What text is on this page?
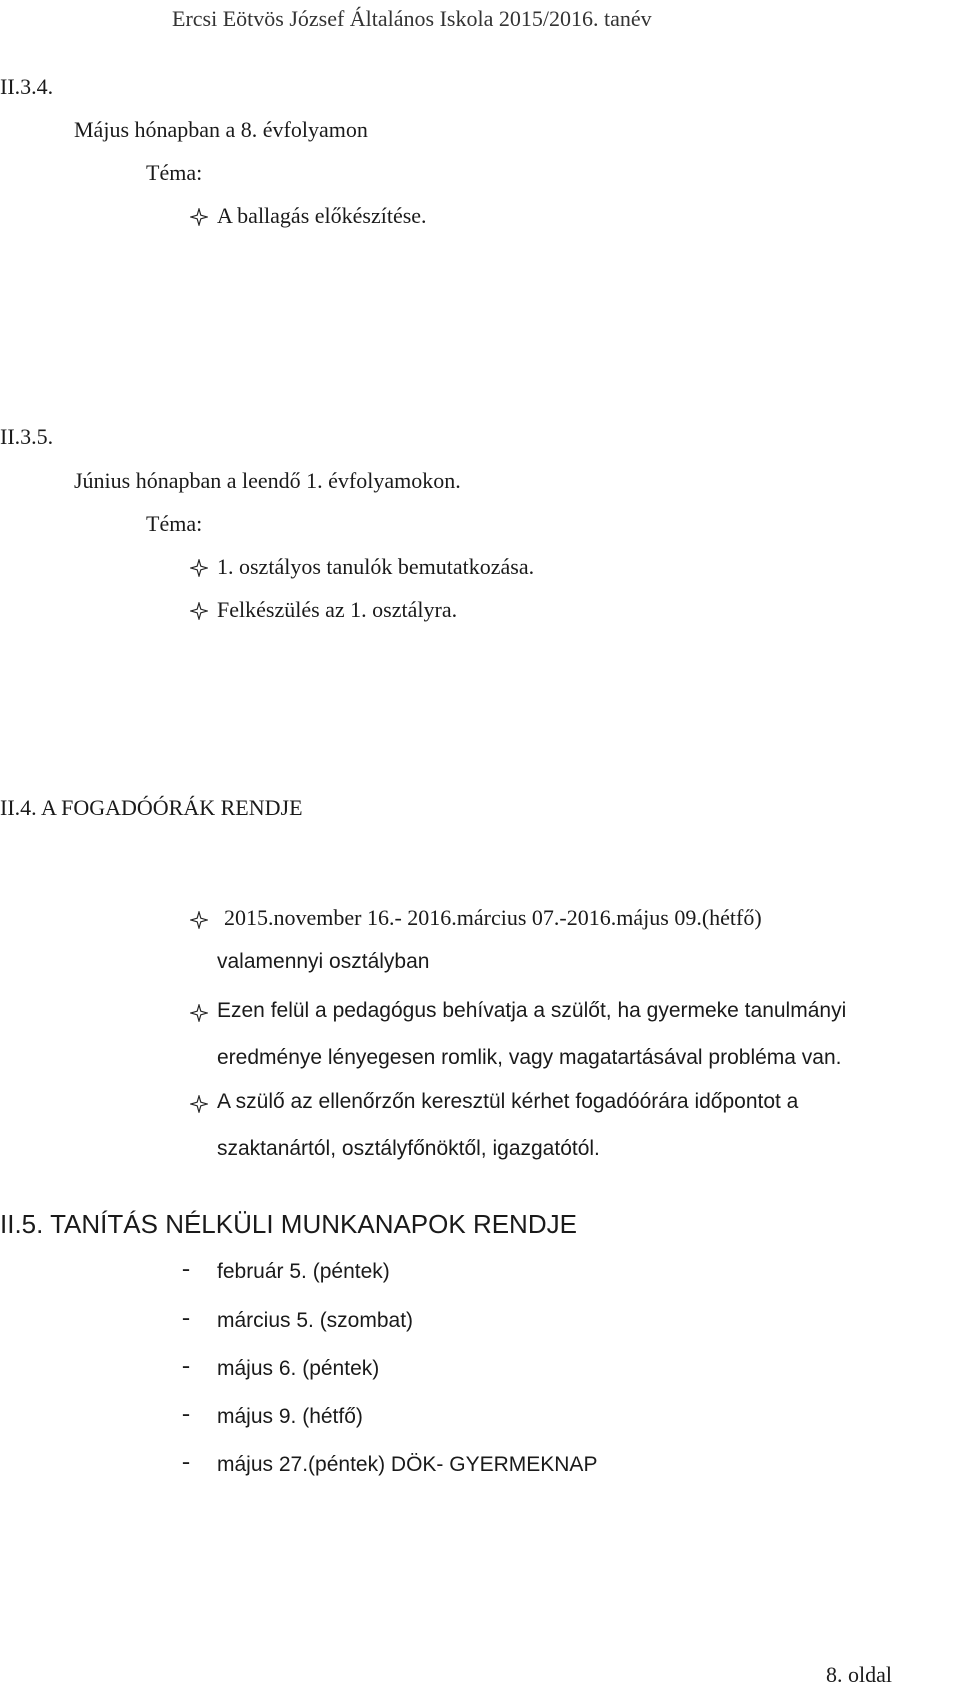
Ercsi Eötvös József Általános Iskola 2015/2016. tanév
II.3.4.
Május hónapban a 8. évfolyamon
Téma:
A ballagás előkészítése.
II.3.5.
Június hónapban a leendő 1. évfolyamokon.
Téma:
1. osztályos tanulók bemutatkozása.
Felkészülés az 1. osztályra.
II.4. A FOGADÓÓRÁK RENDJE
2015.november 16.- 2016.március 07.-2016.május 09.(hétfő)
valamennyi osztályban
Ezen felül a pedagógus behívatja a szülőt, ha gyermeke tanulmányi
eredménye lényegesen romlik, vagy magatartásával probléma van.
A szülő az ellenőrzőn keresztül kérhet fogadóórára időpontot a
szaktanártól, osztályfőnöktől, igazgatótól.
II.5. TANÍTÁS NÉLKÜLI MUNKANAPOK RENDJE
- február 5. (péntek)
- március 5. (szombat)
- május 6. (péntek)
- május 9. (hétfő)
- május 27.(péntek) DÖK- GYERMEKNAP
8. oldal
